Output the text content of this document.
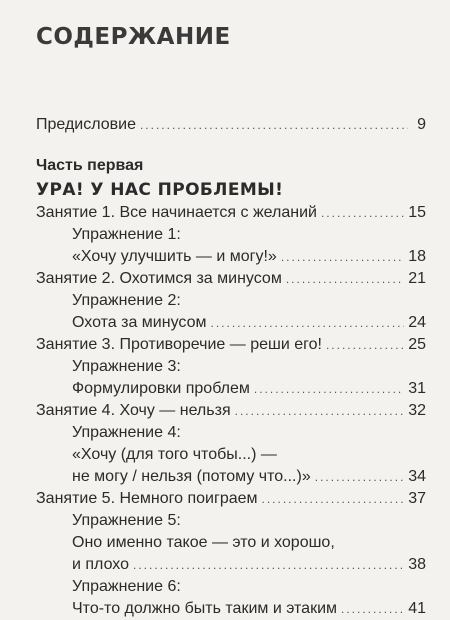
СОДЕРЖАНИЕ
Предисловие .....	9
Часть первая
УРА! У НАС ПРОБЛЕМЫ!
Занятие 1. Все начинается с желаний .....	15
Упражнение 1:
«Хочу улучшить — и могу!» .....	18
Занятие 2. Охотимся за минусом .....	21
Упражнение 2:
Охота за минусом .....	24
Занятие 3. Противоречие — реши его! .....	25
Упражнение 3:
Формулировки проблем .....	31
Занятие 4. Хочу — нельзя .....	32
Упражнение 4:
«Хочу (для того чтобы...) —
не могу / нельзя (потому что...)» .....	34
Занятие 5. Немного поиграем .....	37
Упражнение 5:
Оно именно такое — это и хорошо,
и плохо .....	38
Упражнение 6:
Что-то должно быть таким и этаким .....	41
